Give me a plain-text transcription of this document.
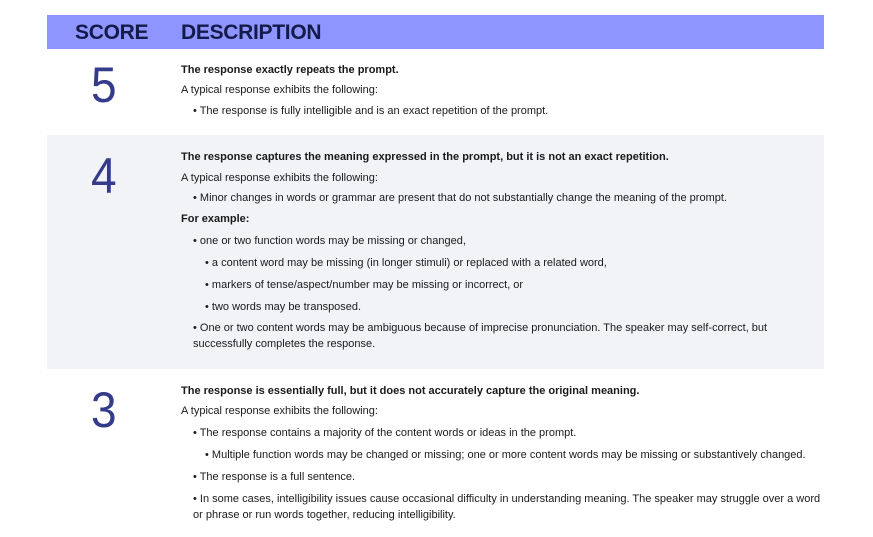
SCORE DESCRIPTION
5	The response exactly repeats the prompt.
A typical response exhibits the following:
• The response is fully intelligible and is an exact repetition of the prompt.
4	The response captures the meaning expressed in the prompt, but it is not an exact repetition.
A typical response exhibits the following:
• Minor changes in words or grammar are present that do not substantially change the meaning of the prompt.
For example:
• one or two function words may be missing or changed,
• a content word may be missing (in longer stimuli) or replaced with a related word,
• markers of tense/aspect/number may be missing or incorrect, or
• two words may be transposed.
• One or two content words may be ambiguous because of imprecise pronunciation. The speaker may self-correct, but
successfully completes the response.
3	The response is essentially full, but it does not accurately capture the original meaning.
A typical response exhibits the following:
• The response contains a majority of the content words or ideas in the prompt.
• Multiple function words may be changed or missing; one or more content words may be missing or substantively changed.
• The response is a full sentence.
• In some cases, intelligibility issues cause occasional difficulty in understanding meaning. The speaker may struggle over a word
or phrase or run words together, reducing intelligibility.
